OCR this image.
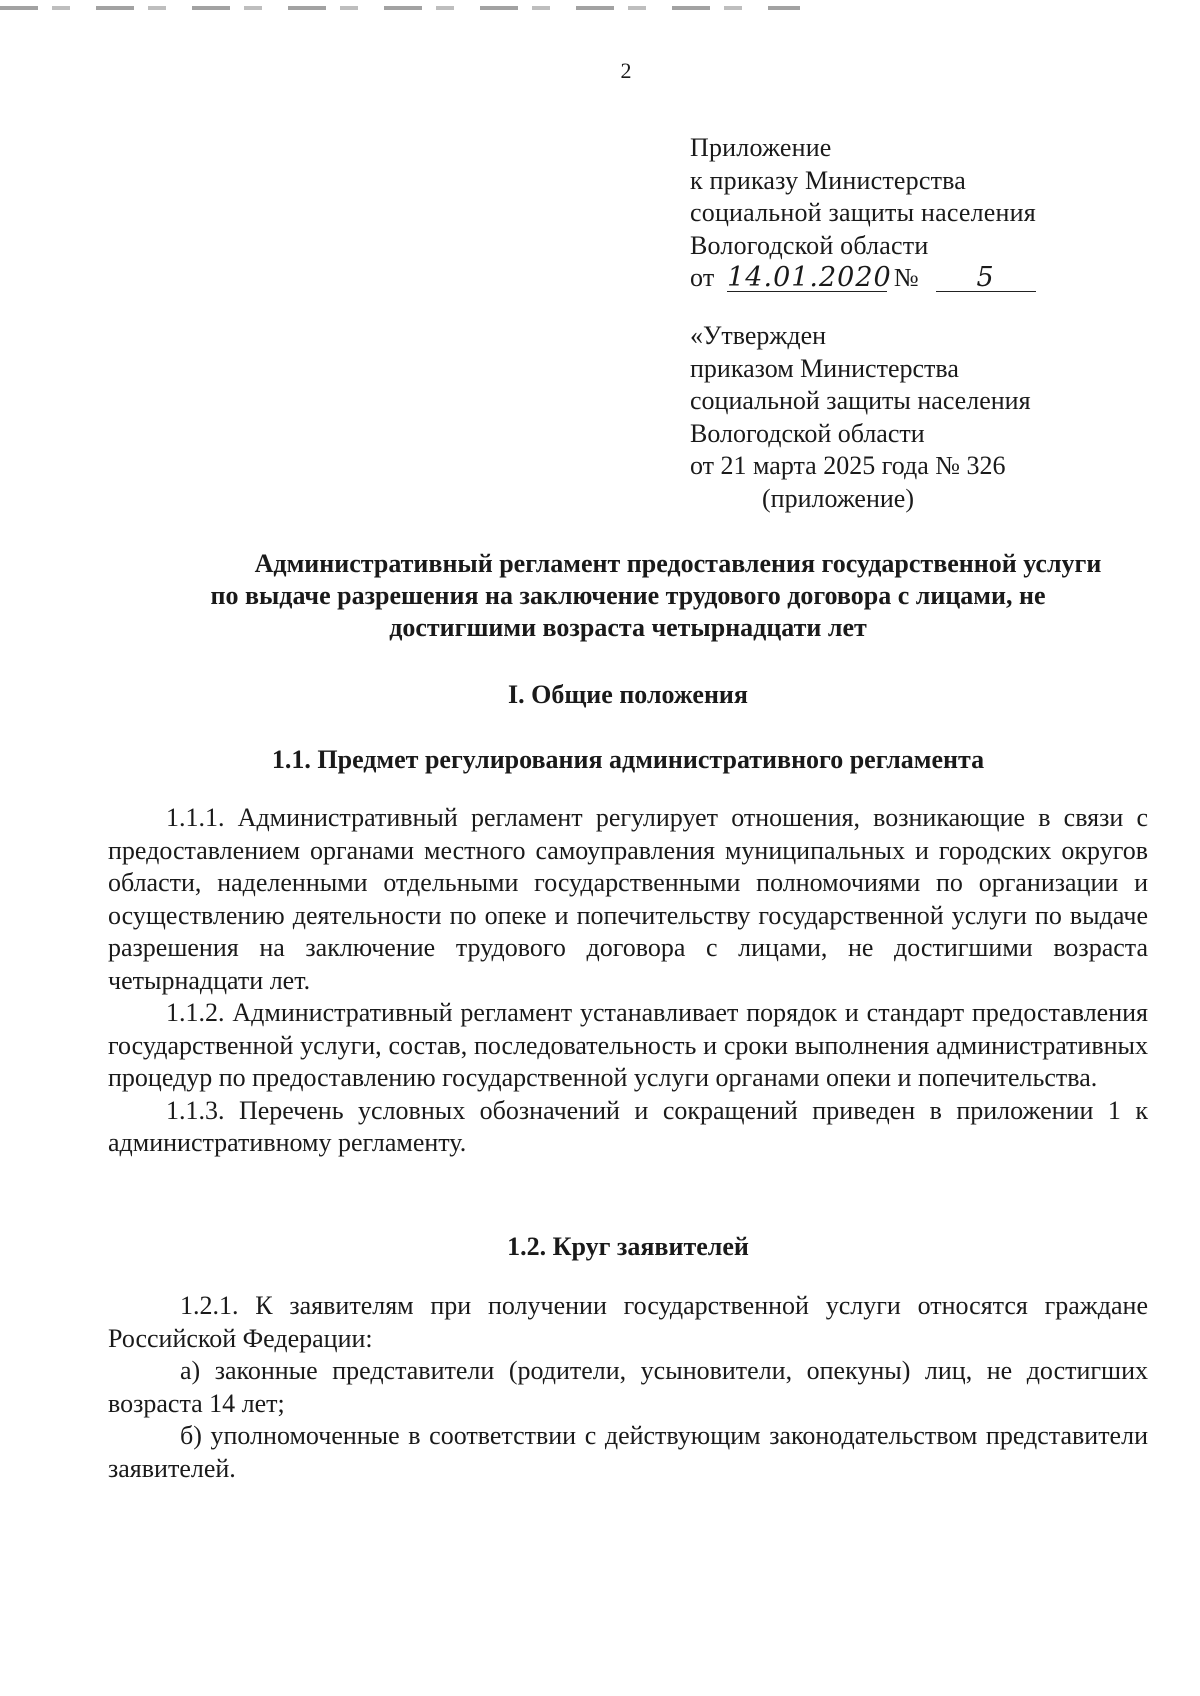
2
Приложение
к приказу Министерства
социальной защиты населения
Вологодской области
от 14.01.2020 № 5
«Утвержден
приказом Министерства
социальной защиты населения
Вологодской области
от 21 марта 2025 года № 326
(приложение)
Административный регламент предоставления государственной услуги
по выдаче разрешения на заключение трудового договора с лицами, не
достигшими возраста четырнадцати лет
I. Общие положения
1.1. Предмет регулирования административного регламента

1.1.1. Административный регламент регулирует отношения, возникающие в связи с предоставлением органами местного самоуправления муниципальных и городских округов области, наделенными отдельными государственными полномочиями по организации и осуществлению деятельности по опеке и попечительству государственной услуги по выдаче разрешения на заключение трудового договора с лицами, не достигшими возраста четырнадцати лет.

1.1.2. Административный регламент устанавливает порядок и стандарт предоставления государственной услуги, состав, последовательность и сроки выполнения административных процедур по предоставлению государственной услуги органами опеки и попечительства.

1.1.3. Перечень условных обозначений и сокращений приведен в приложении 1 к административному регламенту.

1.2. Круг заявителей

1.2.1. К заявителям при получении государственной услуги относятся граждане Российской Федерации:

а) законные представители (родители, усыновители, опекуны) лиц, не достигших возраста 14 лет;

б) уполномоченные в соответствии с действующим законодательством представители заявителей.
